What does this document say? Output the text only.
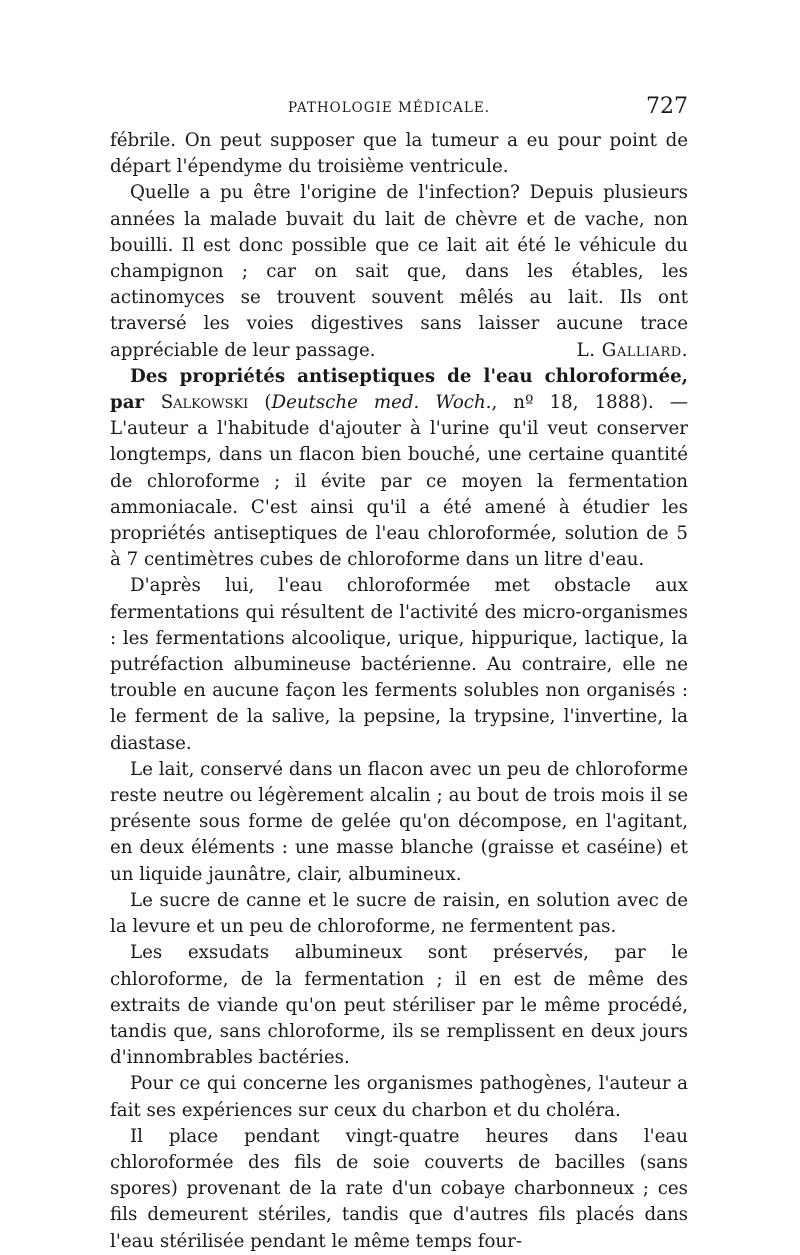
PATHOLOGIE MÉDICALE.	727

fébrile. On peut supposer que la tumeur a eu pour point de départ l'épendyme du troisième ventricule.

Quelle a pu être l'origine de l'infection? Depuis plusieurs années la malade buvait du lait de chèvre et de vache, non bouilli. Il est donc possible que ce lait ait été le véhicule du champignon ; car on sait que, dans les étables, les actinomyces se trouvent souvent mêlés au lait. Ils ont traversé les voies digestives sans laisser aucune trace appréciable de leur passage.	L. Galliard.

Des propriétés antiseptiques de l'eau chloroformée, par Salkowski (Deutsche med. Woch., nº 18, 1888). — L'auteur a l'habitude d'ajouter à l'urine qu'il veut conserver longtemps, dans un flacon bien bouché, une certaine quantité de chloroforme ; il évite par ce moyen la fermentation ammoniacale. C'est ainsi qu'il a été amené à étudier les propriétés antiseptiques de l'eau chloroformée, solution de 5 à 7 centimètres cubes de chloroforme dans un litre d'eau.

D'après lui, l'eau chloroformée met obstacle aux fermentations qui résultent de l'activité des micro-organismes : les fermentations alcoolique, urique, hippurique, lactique, la putréfaction albumineuse bactérienne. Au contraire, elle ne trouble en aucune façon les ferments solubles non organisés : le ferment de la salive, la pepsine, la trypsine, l'invertine, la diastase.

Le lait, conservé dans un flacon avec un peu de chloroforme reste neutre ou légèrement alcalin ; au bout de trois mois il se présente sous forme de gelée qu'on décompose, en l'agitant, en deux éléments : une masse blanche (graisse et caséine) et un liquide jaunâtre, clair, albumineux.

Le sucre de canne et le sucre de raisin, en solution avec de la levure et un peu de chloroforme, ne fermentent pas.

Les exsudats albumineux sont préservés, par le chloroforme, de la fermentation ; il en est de même des extraits de viande qu'on peut stériliser par le même procédé, tandis que, sans chloroforme, ils se remplissent en deux jours d'innombrables bactéries.

Pour ce qui concerne les organismes pathogènes, l'auteur a fait ses expériences sur ceux du charbon et du choléra.

Il place pendant vingt-quatre heures dans l'eau chloroformée des fils de soie couverts de bacilles (sans spores) provenant de la rate d'un cobaye charbonneux ; ces fils demeurent stériles, tandis que d'autres fils placés dans l'eau stérilisée pendant le même temps four-
